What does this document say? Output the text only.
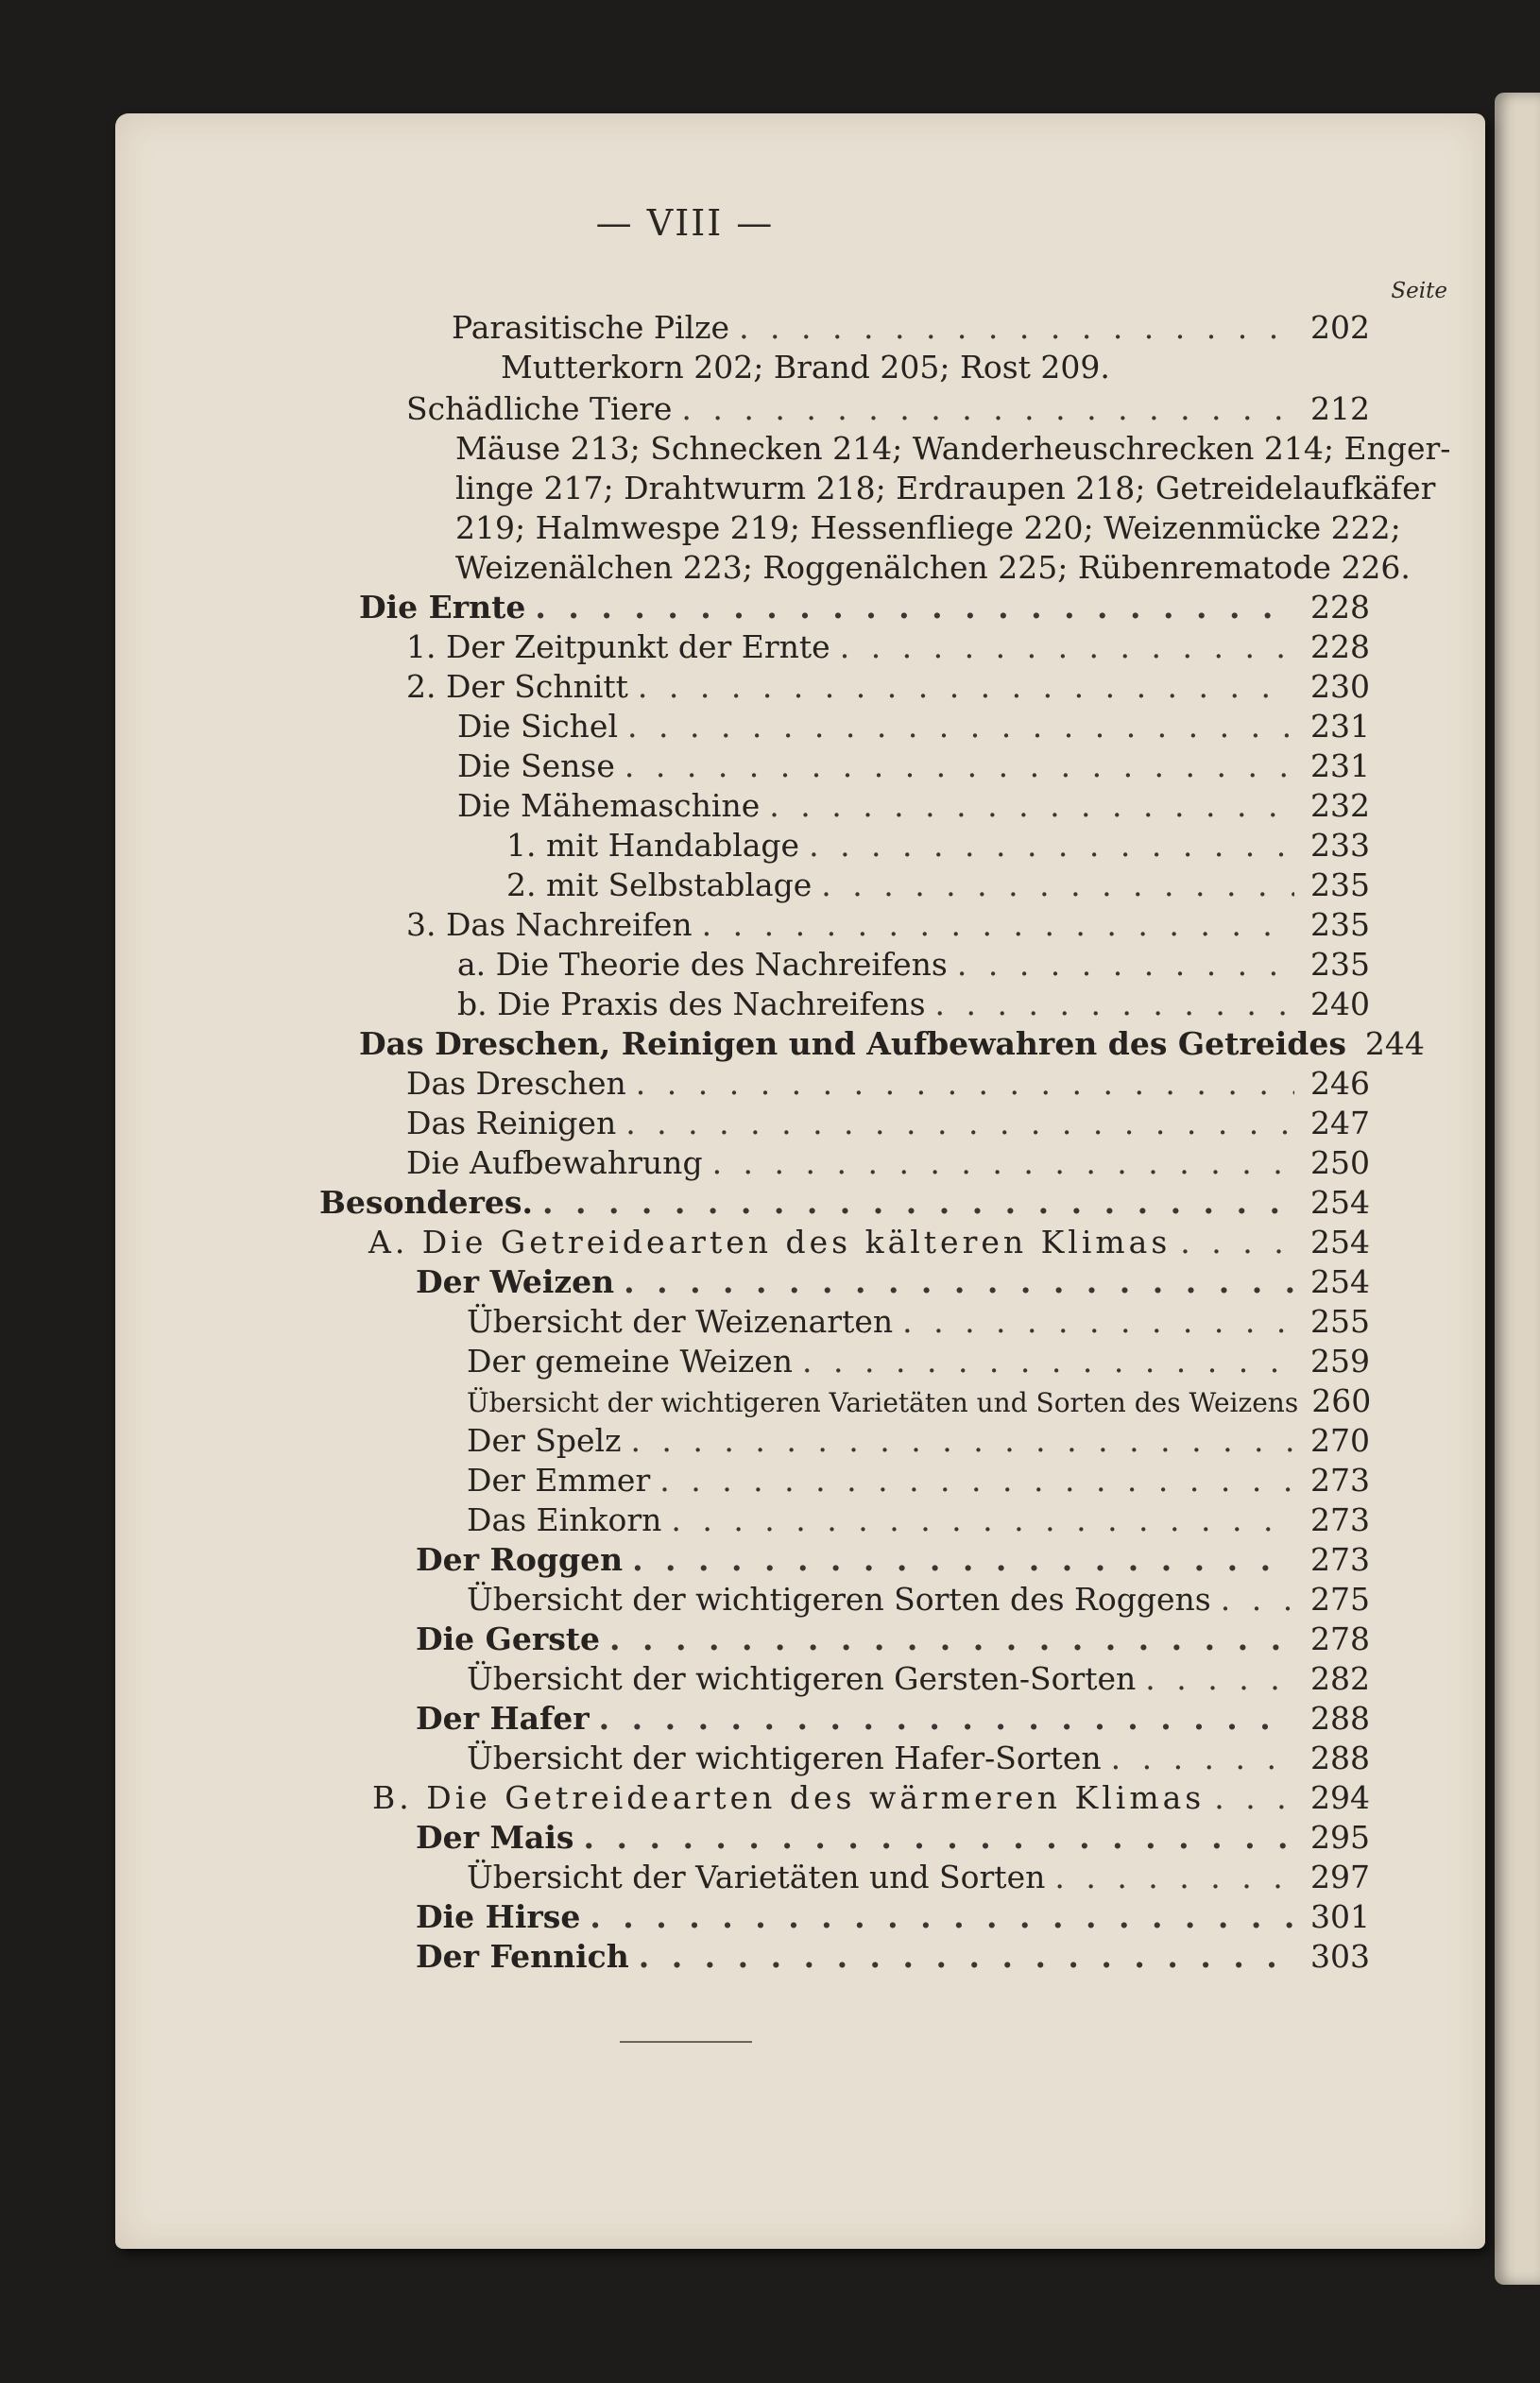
— VIII —
Seite
Parasitische Pilze . . .	202
Mutterkorn 202; Brand 205; Rost 209.
Schädliche Tiere . . .	212
Mäuse 213; Schnecken 214; Wanderheuschrecken 214; Enger-
linge 217; Drahtwurm 218; Erdraupen 218; Getreidelaufkäfer
219; Halmwespe 219; Hessenfliege 220; Weizenmücke 222;
Weizenälchen 223; Roggenälchen 225; Rübenrematode 226.
Die Ernte . . .	228
1. Der Zeitpunkt der Ernte . . .	228
2. Der Schnitt . . .	230
Die Sichel . . .	231
Die Sense . . .	231
Die Mähemaschine . . .	232
1. mit Handablage . . .	233
2. mit Selbstablage . . .	235
3. Das Nachreifen . . .	235
a. Die Theorie des Nachreifens . . .	235
b. Die Praxis des Nachreifens . . .	240
Das Dreschen, Reinigen und Aufbewahren des Getreides 244
Das Dreschen . . .	246
Das Reinigen . . .	247
Die Aufbewahrung . . .	250
Besonderes. . . .	254
A. Die Getreidearten des kälteren Klimas . . .	254
Der Weizen . . .	254
Übersicht der Weizenarten . . .	255
Der gemeine Weizen . . .	259
Übersicht der wichtigeren Varietäten und Sorten des Weizens 260
Der Spelz . . .	270
Der Emmer . . .	273
Das Einkorn . . .	273
Der Roggen . . .	273
Übersicht der wichtigeren Sorten des Roggens . . .	275
Die Gerste . . .	278
Übersicht der wichtigeren Gersten-Sorten . . .	282
Der Hafer . . .	288
Übersicht der wichtigeren Hafer-Sorten . . .	288
B. Die Getreidearten des wärmeren Klimas . . .	294
Der Mais . . .	295
Übersicht der Varietäten und Sorten . . .	297
Die Hirse . . .	301
Der Fennich . . .	303
